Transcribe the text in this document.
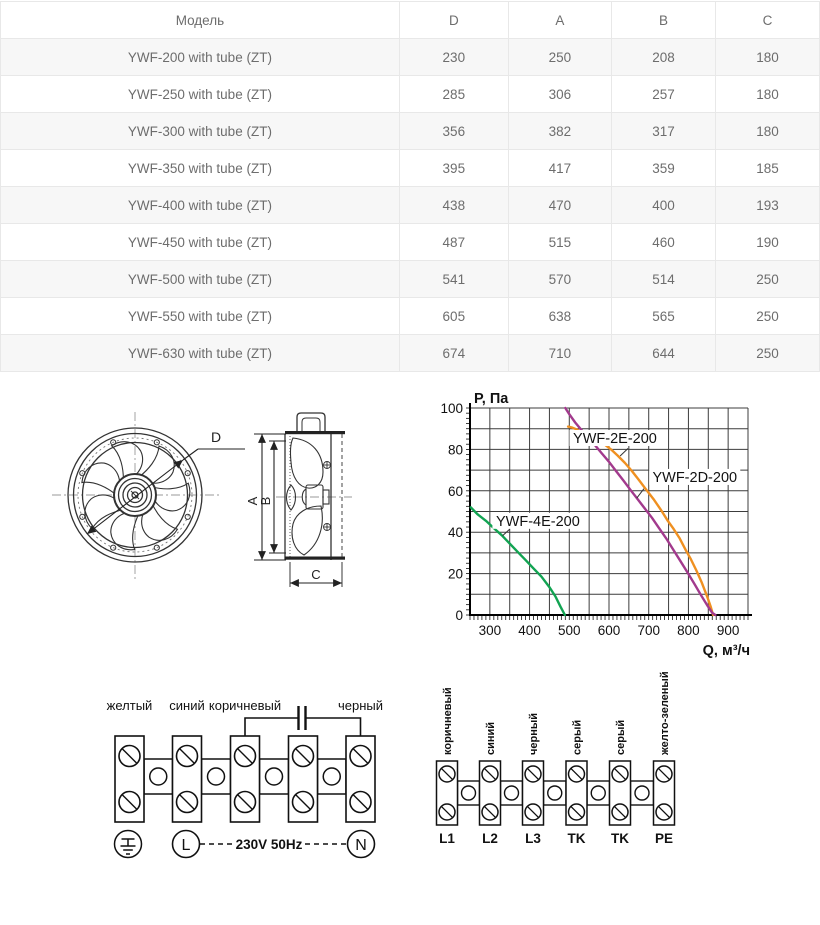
Модель	D	A	B	C
YWF-200 with tube (ZT)	230	250	208	180
YWF-250 with tube (ZT)	285	306	257	180
YWF-300 with tube (ZT)	356	382	317	180
YWF-350 with tube (ZT)	395	417	359	185
YWF-400 with tube (ZT)	438	470	400	193
YWF-450 with tube (ZT)	487	515	460	190
YWF-500 with tube (ZT)	541	570	514	250
YWF-550 with tube (ZT)	605	638	565	250
YWF-630 with tube (ZT)	674	710	644	250
D
A
B
C
300 400 500 600 700 800 900
0
20
40
60
80
100
P, Па
Q, м³/ч
YWF-4E-200
YWF-2E-200
YWF-2D-200
желтый синий коричневый	черный
L	N
230V 50Hz
коричневый
L1
синий
L2
черный
L3
серый
TK
серый
TK
желто-зеленый
PE
